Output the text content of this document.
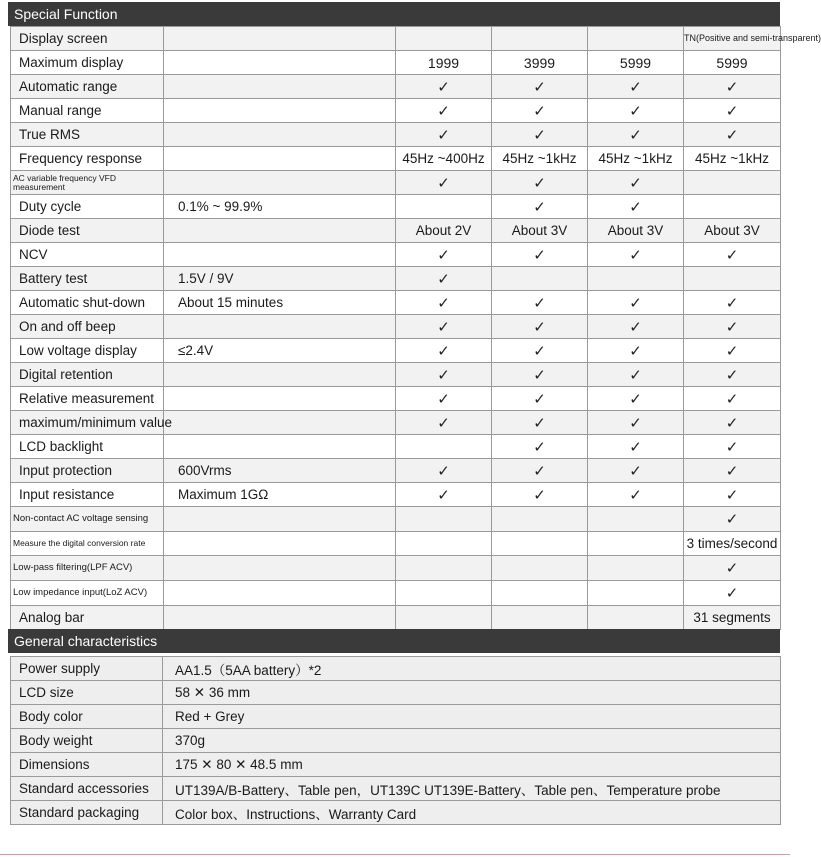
Special Function
Display screen					TN(Positive and semi-transparent)
Maximum display		1999	3999	5999	5999
Automatic range		✓	✓	✓	✓
Manual range		✓	✓	✓	✓
True RMS		✓	✓	✓	✓
Frequency response		45Hz ~400Hz	45Hz ~1kHz	45Hz ~1kHz	45Hz ~1kHz
AC variable frequency VFD measurement		✓	✓	✓	
Duty cycle	0.1% ~ 99.9%		✓	✓	
Diode test		About 2V	About 3V	About 3V	About 3V
NCV		✓	✓	✓	✓
Battery test	1.5V / 9V	✓			
Automatic shut-down	About 15 minutes	✓	✓	✓	✓
On and off beep		✓	✓	✓	✓
Low voltage display	≤2.4V	✓	✓	✓	✓
Digital retention		✓	✓	✓	✓
Relative measurement		✓	✓	✓	✓
maximum/minimum value		✓	✓	✓	✓
LCD backlight			✓	✓	✓
Input protection	600Vrms	✓	✓	✓	✓
Input resistance	Maximum 1GΩ	✓	✓	✓	✓
Non-contact AC voltage sensing					✓
Measure the digital conversion rate					3 times/second
Low-pass filtering(LPF ACV)					✓
Low impedance input(LoZ ACV)					✓
Analog bar					31 segments
General characteristics
Power supply	AA1.5（5AA battery）*2
LCD size	58 ✕ 36 mm
Body color	Red + Grey
Body weight	370g
Dimensions	175 ✕ 80 ✕ 48.5 mm
Standard accessories	UT139A/B-Battery、Table pen，UT139C UT139E-Battery、Table pen、Temperature probe
Standard packaging	Color box、Instructions、Warranty Card
